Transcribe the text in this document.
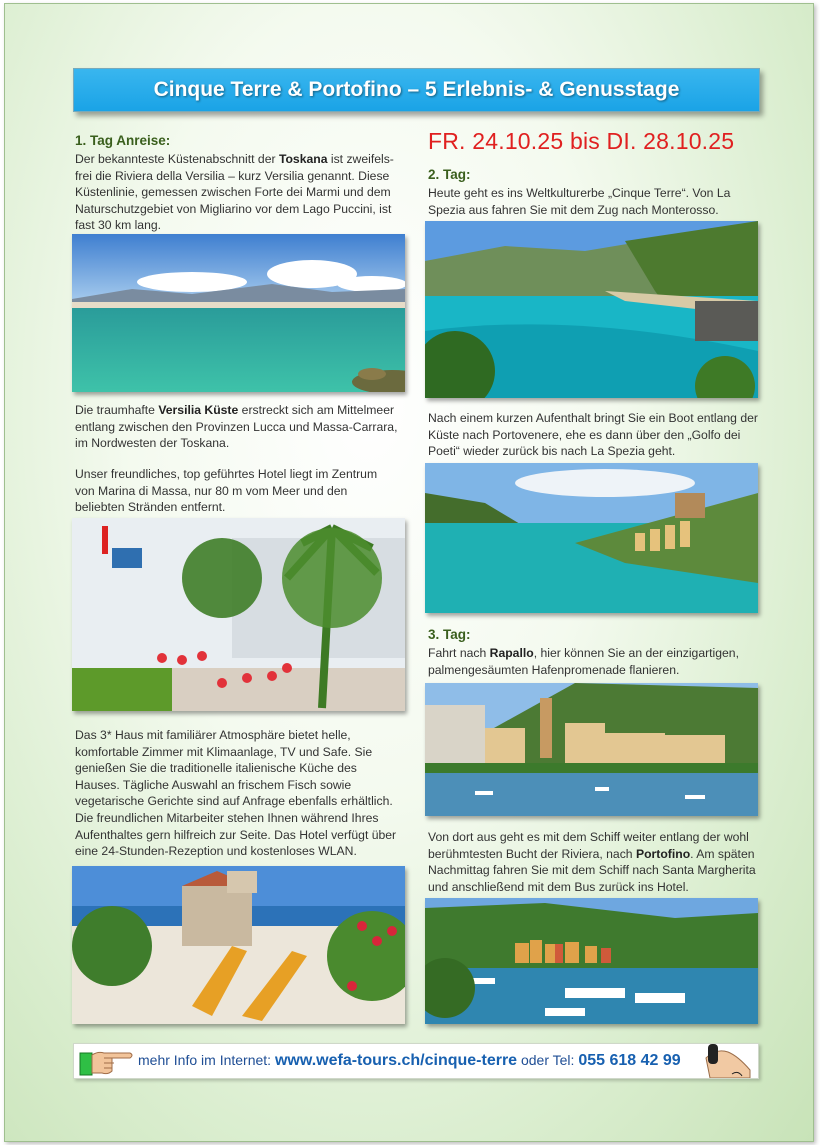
Cinque Terre & Portofino – 5 Erlebnis- & Genusstage
1. Tag Anreise:
Der bekannteste Küstenabschnitt der Toskana ist zweifels-frei die Riviera della Versilia – kurz Versilia genannt. Diese Küstenlinie, gemessen zwischen Forte dei Marmi und dem Naturschutzgebiet von Migliarino vor dem Lago Puccini, ist fast 30 km lang.
Die traumhafte Versilia Küste erstreckt sich am Mittelmeer entlang zwischen den Provinzen Lucca und Massa-Carrara, im Nordwesten der Toskana.
Unser freundliches, top geführtes Hotel liegt im Zentrum von Marina di Massa, nur 80 m vom Meer und den beliebten Stränden entfernt.
Das 3* Haus mit familiärer Atmosphäre bietet helle, komfortable Zimmer mit Klimaanlage, TV und Safe. Sie genießen Sie die traditionelle italienische Küche des Hauses. Tägliche Auswahl an frischem Fisch sowie vegetarische Gerichte sind auf Anfrage ebenfalls erhältlich. Die freundlichen Mitarbeiter stehen Ihnen während Ihres Aufenthaltes gern hilfreich zur Seite. Das Hotel verfügt über eine 24-Stunden-Rezeption und kostenloses WLAN.
FR. 24.10.25 bis DI. 28.10.25
2. Tag:
Heute geht es ins Weltkulturerbe „Cinque Terre“. Von La Spezia aus fahren Sie mit dem Zug nach Monterosso.
Nach einem kurzen Aufenthalt bringt Sie ein Boot entlang der Küste nach Portovenere, ehe es dann über den „Golfo dei Poeti“ wieder zurück bis nach La Spezia geht.
3. Tag:
Fahrt nach Rapallo, hier können Sie an der einzigartigen, palmengesäumten Hafenpromenade flanieren.
Von dort aus geht es mit dem Schiff weiter entlang der wohl berühmtesten Bucht der Riviera, nach Portofino. Am späten Nachmittag fahren Sie mit dem Schiff nach Santa Margherita und anschließend mit dem Bus zurück ins Hotel.
mehr Info im Internet: www.wefa-tours.ch/cinque-terre oder Tel: 055 618 42 99
